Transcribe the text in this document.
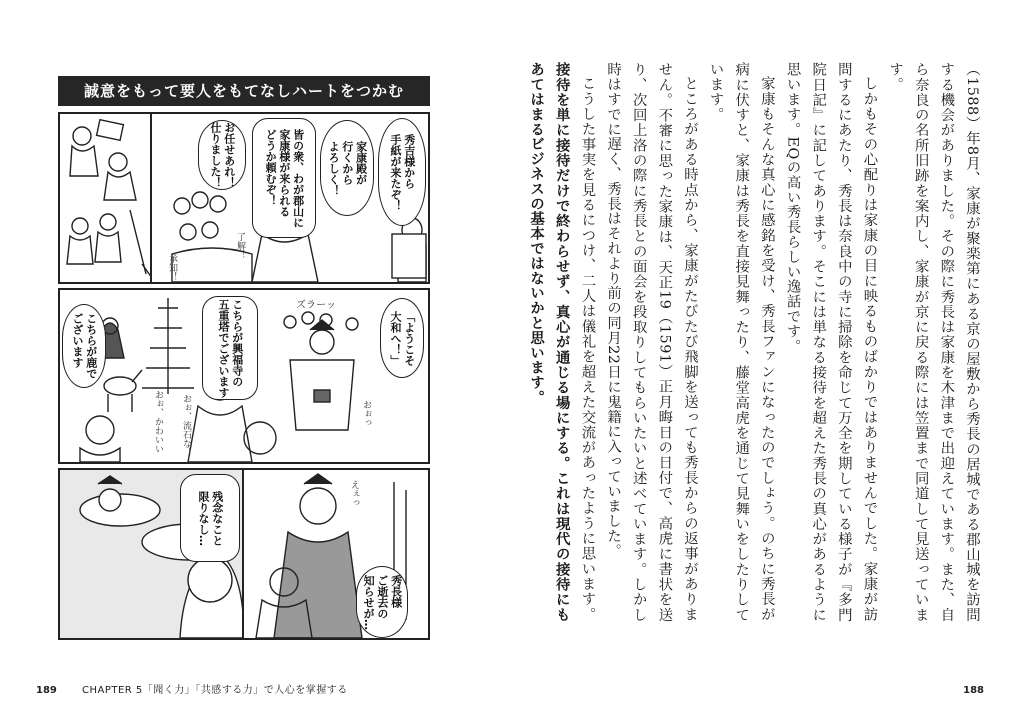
誠意をもって要人をもてなしハートをつかむ
秀吉様から
手紙が来たぞ！
家康殿が
行くから
よろしく！
皆の衆、わが郡山に
家康様が来られる
どうか頼むぞ！
お任せあれ！
仕りました！
了解！
承知！
「ようこそ
大和へ！」
こちらが興福寺の
五重塔でございます
こちらが鹿で
ございます
ズラーッ
おぉっ
おぉ、かわいい おぉ、流石な！
残念なこと
限りなし…
秀長様
ご逝去の
知らせが…
えぇっ
189	CHAPTER 5「聞く力」「共感する力」で人心を掌握する

（1588）年8月、家康が聚楽第にある京の屋敷から秀長の居城である郡山城を訪問する機会がありました。その際に秀長は家康を木津まで出迎えています。また、自ら奈良の名所旧跡を案内し、家康が京に戻る際には笠置まで同道して見送っています。

しかもその心配りは家康の目に映るものばかりではありませんでした。家康が訪問するにあたり、秀長は奈良中の寺に掃除を命じて万全を期している様子が『多門院日記』に記してあります。そこには単なる接待を超えた秀長の真心があるように思います。EQの高い秀長らしい逸話です。

家康もそんな真心に感銘を受け、秀長ファンになったのでしょう。のちに秀長が病に伏すと、家康は秀長を直接見舞ったり、藤堂高虎を通じて見舞いをしたりしています。

ところがある時点から、家康がたびたび飛脚を送っても秀長からの返事がありません。不審に思った家康は、天正19（1591）正月晦日の日付で、高虎に書状を送り、次回上洛の際に秀長との面会を段取りしてもらいたいと述べています。しかし時はすでに遅く、秀長はそれより前の同月22日に鬼籍に入っていました。

こうした事実を見るにつけ、二人は儀礼を超えた交流があったように思います。接待を単に接待だけで終わらせず、真心が通じる場にする。これは現代の接待にもあてはまるビジネスの基本ではないかと思います。

188
